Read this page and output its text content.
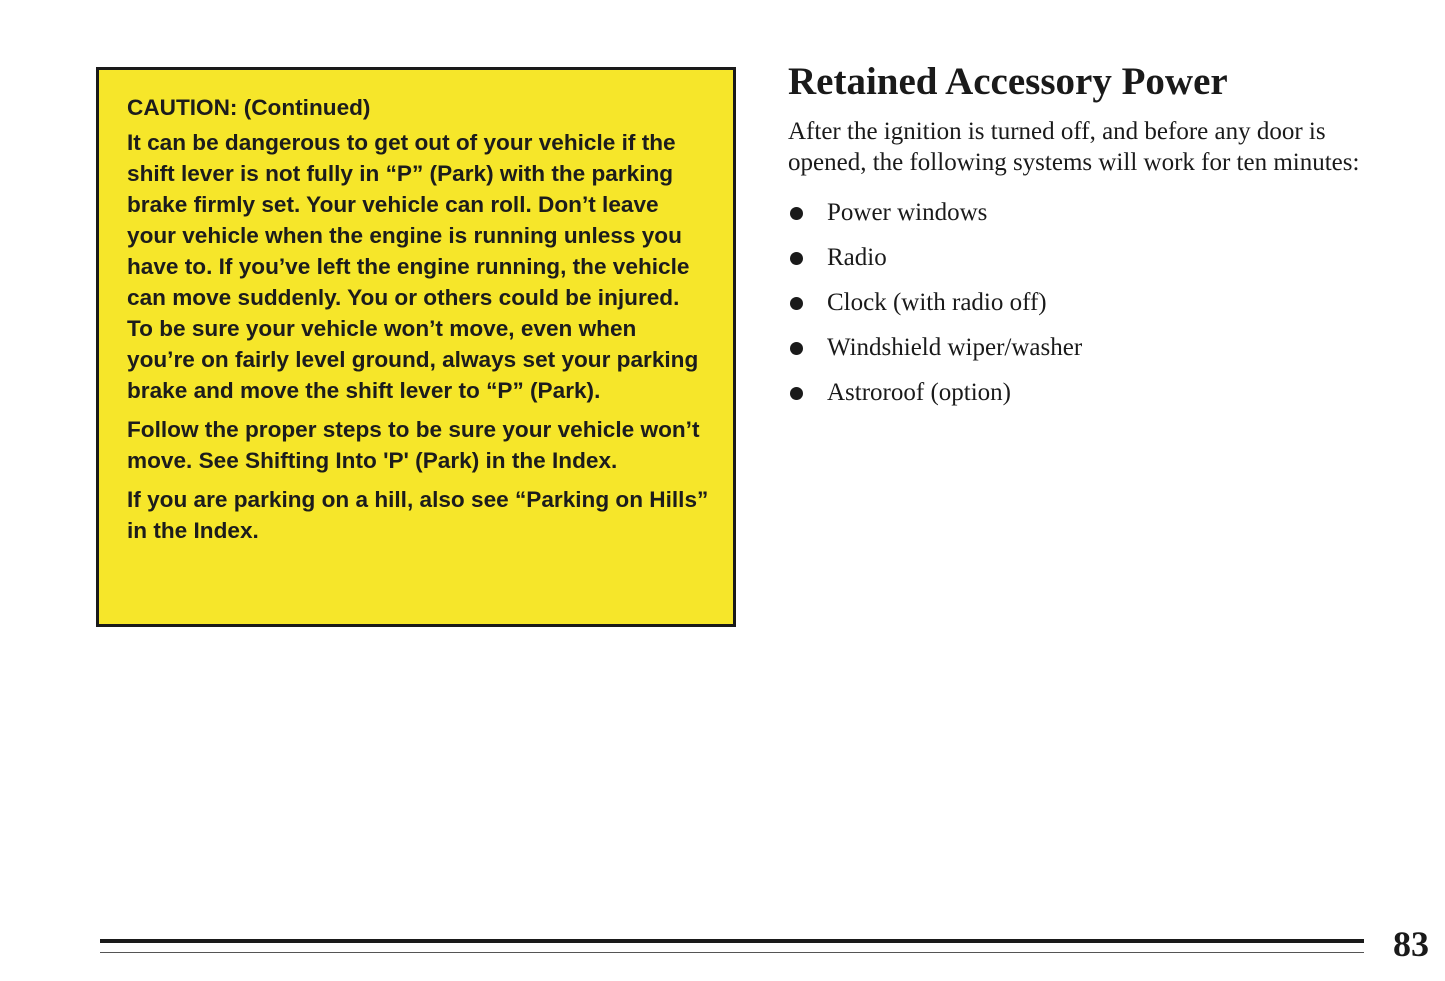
CAUTION: (Continued)

It can be dangerous to get out of your vehicle if the shift lever is not fully in “P” (Park) with the parking brake firmly set. Your vehicle can roll. Don’t leave your vehicle when the engine is running unless you have to. If you’ve left the engine running, the vehicle can move suddenly. You or others could be injured. To be sure your vehicle won’t move, even when you’re on fairly level ground, always set your parking brake and move the shift lever to “P” (Park).

Follow the proper steps to be sure your vehicle won’t move. See Shifting Into 'P' (Park) in the Index.

If you are parking on a hill, also see “Parking on Hills” in the Index.

Retained Accessory Power

After the ignition is turned off, and before any door is opened, the following systems will work for ten minutes:

Power windows
Radio
Clock (with radio off)
Windshield wiper/washer
Astroroof (option)
83
